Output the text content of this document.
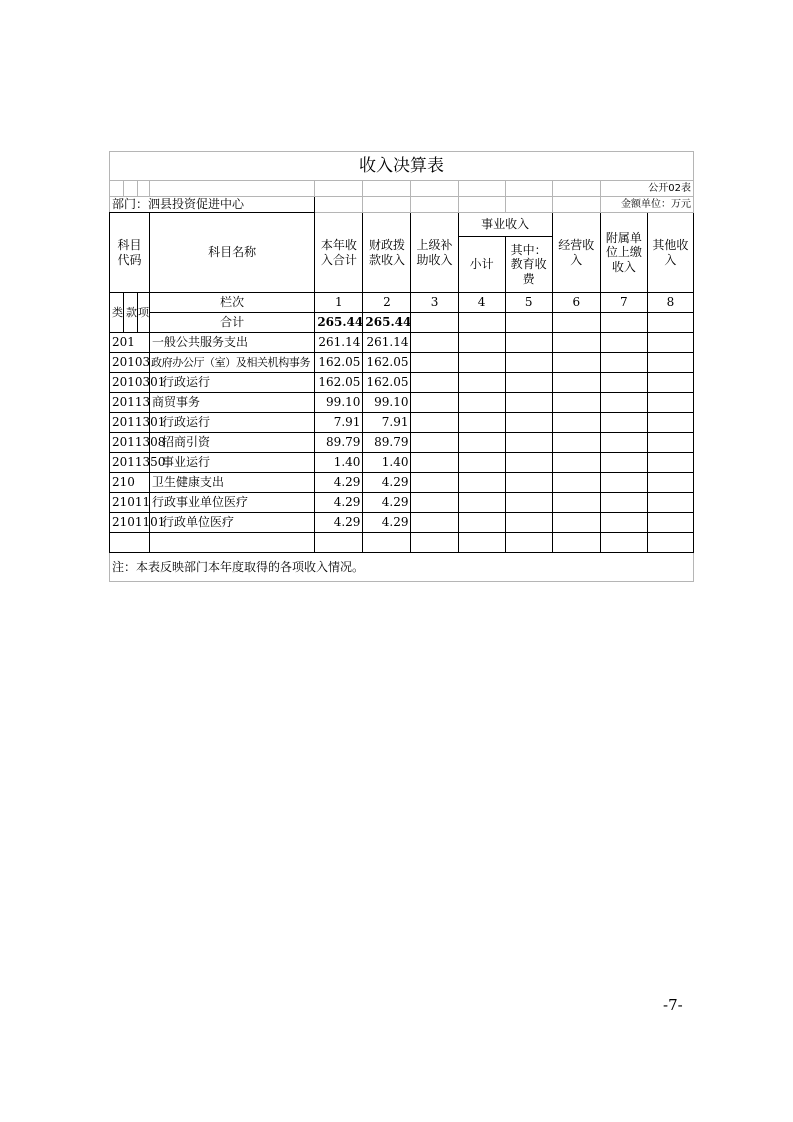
收入决算表											
										公开02表	
部门：泗县投资促进中心										金额单位：万元	
科目代码			科目名称	本年收入合计	财政拨款收入	上级补助收入	事业收入		经营收入	附属单位上缴收入	其他收入
							小计	其中：教育收费			
类	款	项	栏次	1	2	3	4	5	6	7	8
			合计	265.44	265.44						
201			一般公共服务支出	261.14	261.14						
20103			政府办公厅（室）及相关机构事务	162.05	162.05						
2010301			行政运行	162.05	162.05						
20113			商贸事务	99.10	99.10						
2011301			行政运行	7.91	7.91						
2011308			招商引资	89.79	89.79						
2011350			事业运行	1.40	1.40						
210			卫生健康支出	4.29	4.29						
21011			行政事业单位医疗	4.29	4.29						
2101101			行政单位医疗	4.29	4.29						

注：本表反映部门本年度取得的各项收入情况。											
-7-
